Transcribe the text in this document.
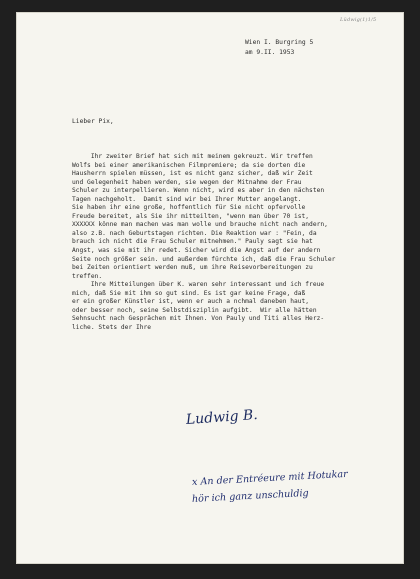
Lüdwig(1)1/5
Wien I. Burgring 5
am 9.II. 1953
Lieber Pix,
Ihr zweiter Brief hat sich mit meinem gekreuzt. Wir treffen
Wolfs bei einer amerikanischen Filmpremiere; da sie dorten die
Hausherrn spielen müssen, ist es nicht ganz sicher, daß wir Zeit
und Gelegenheit haben werden, sie wegen der Mitnahme der Frau
Schuler zu interpellieren. Wenn nicht, wird es aber in den nächsten
Tagen nachgeholt.  Damit sind wir bei Ihrer Mutter angelangt.
Sie haben ihr eine große, hoffentlich für Sie nicht opfervolle
Freude bereitet, als Sie ihr mitteilten, "wenn man über 70 ist,
XXXXXX könne man machen was man wolle und brauche nicht nach andern,
also z.B. nach Geburtstagen richten. Die Reaktion war : "Fein, da
brauch ich nicht die Frau Schuler mitnehmen." Pauly sagt sie hat
Angst, was sie mit ihr redet. Sicher wird die Angst auf der andern
Seite noch größer sein. und außerdem fürchte ich, daß die Frau Schuler
bei Zeiten orientiert werden muß, um ihre Reisevorbereitungen zu
treffen.
Ihre Mitteilungen über K. waren sehr interessant und ich freue
mich, daß Sie mit ihm so gut sind. Es ist gar keine Frage, daß
er ein großer Künstler ist, wenn er auch a nchmal daneben haut,
oder besser noch, seine Selbstdisziplin aufgibt.  Wir alle hätten
Sehnsucht nach Gesprächen mit Ihnen. Von Pauly und Titi alles Herz-
liche. Stets der Ihre
Ludwig B.
x An der Entréeure mit Hotukar
hör ich ganz unschuldig
